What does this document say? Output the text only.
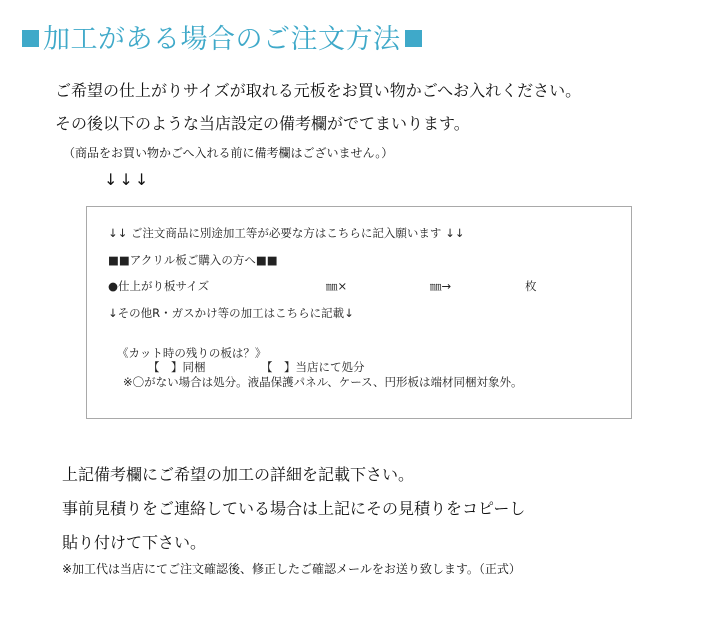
加工がある場合のご注文方法
ご希望の仕上がりサイズが取れる元板をお買い物かごへお入れください。
その後以下のような当店設定の備考欄がでてまいります。
（商品をお買い物かごへ入れる前に備考欄はございません。）
↓↓↓
↓↓ ご注文商品に別途加工等が必要な方はこちらに記入願います ↓↓
■■アクリル板ご購入の方へ■■
●仕上がり板サイズ	㎜×	㎜→	枚
↓その他R・ガスかけ等の加工はこちらに記載↓
《カット時の残りの板は？》
【　】同梱	【　】当店にて処分
※〇がない場合は処分。液晶保護パネル、ケース、円形板は端材同梱対象外。
上記備考欄にご希望の加工の詳細を記載下さい。
事前見積りをご連絡している場合は上記にその見積りをコピーし
貼り付けて下さい。
※加工代は当店にてご注文確認後、修正したご確認メールをお送り致します。（正式）
